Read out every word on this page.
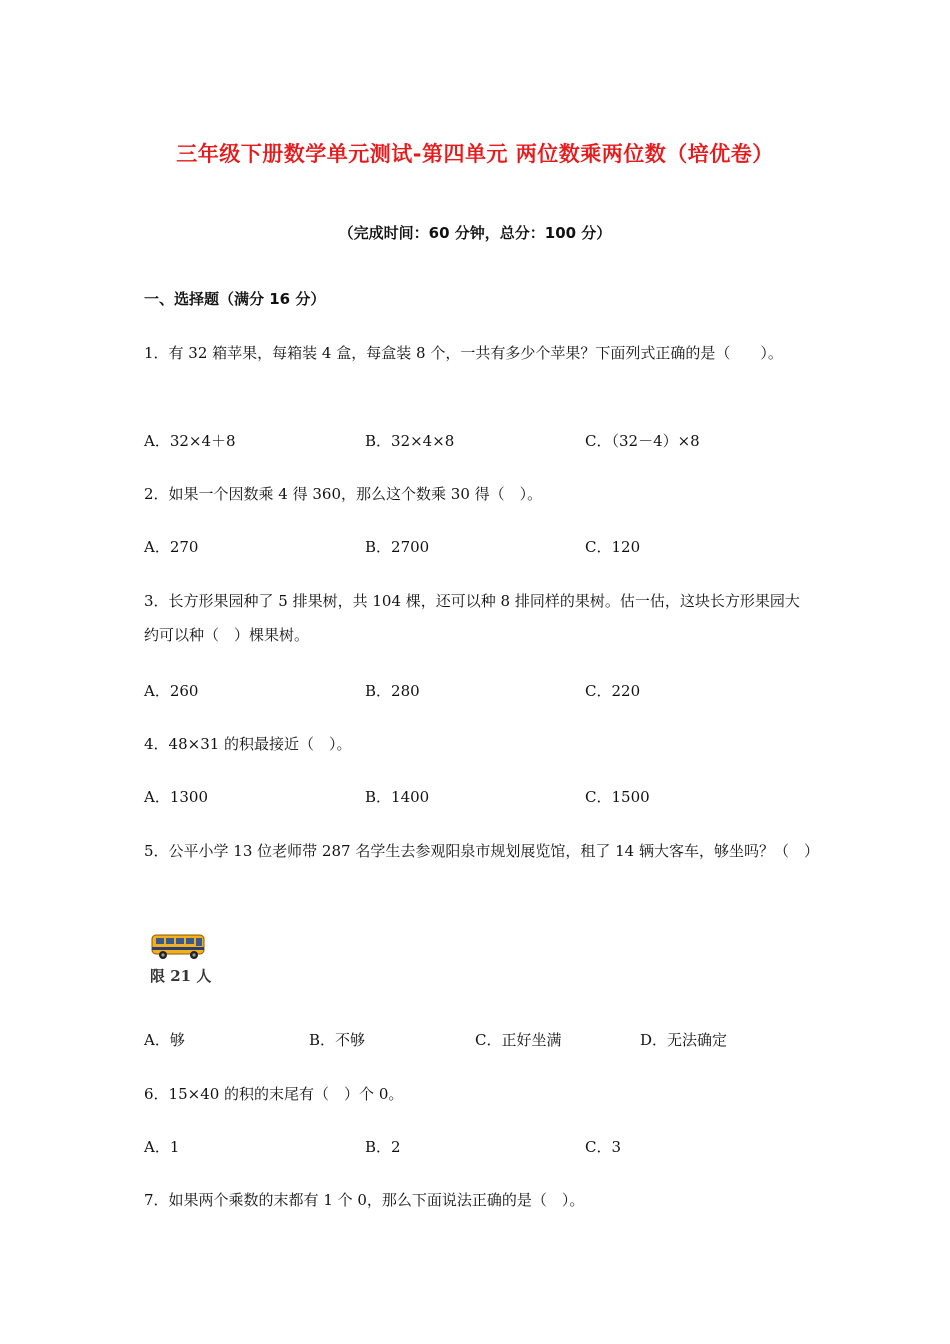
三年级下册数学单元测试-第四单元 两位数乘两位数（培优卷）
（完成时间：60 分钟，总分：100 分）
一、选择题（满分 16 分）
1．有 32 箱苹果，每箱装 4 盒，每盒装 8 个，一共有多少个苹果？下面列式正确的是（　　）。
A．32×4＋8	B．32×4×8	C．（32－4）×8
2．如果一个因数乘 4 得 360，那么这个数乘 30 得（　）。
A．270	B．2700	C．120
3．长方形果园种了 5 排果树，共 104 棵，还可以种 8 排同样的果树。估一估，这块长方形果园大约可以种（　）棵果树。
A．260	B．280	C．220
4．48×31 的积最接近（　）。
A．1300	B．1400	C．1500
5．公平小学 13 位老师带 287 名学生去参观阳泉市规划展览馆，租了 14 辆大客车，够坐吗？（　）
限 21 人
A．够	B．不够	C．正好坐满	D．无法确定
6．15×40 的积的末尾有（　）个 0。
A．1	B．2	C．3
7．如果两个乘数的末都有 1 个 0，那么下面说法正确的是（　）。
